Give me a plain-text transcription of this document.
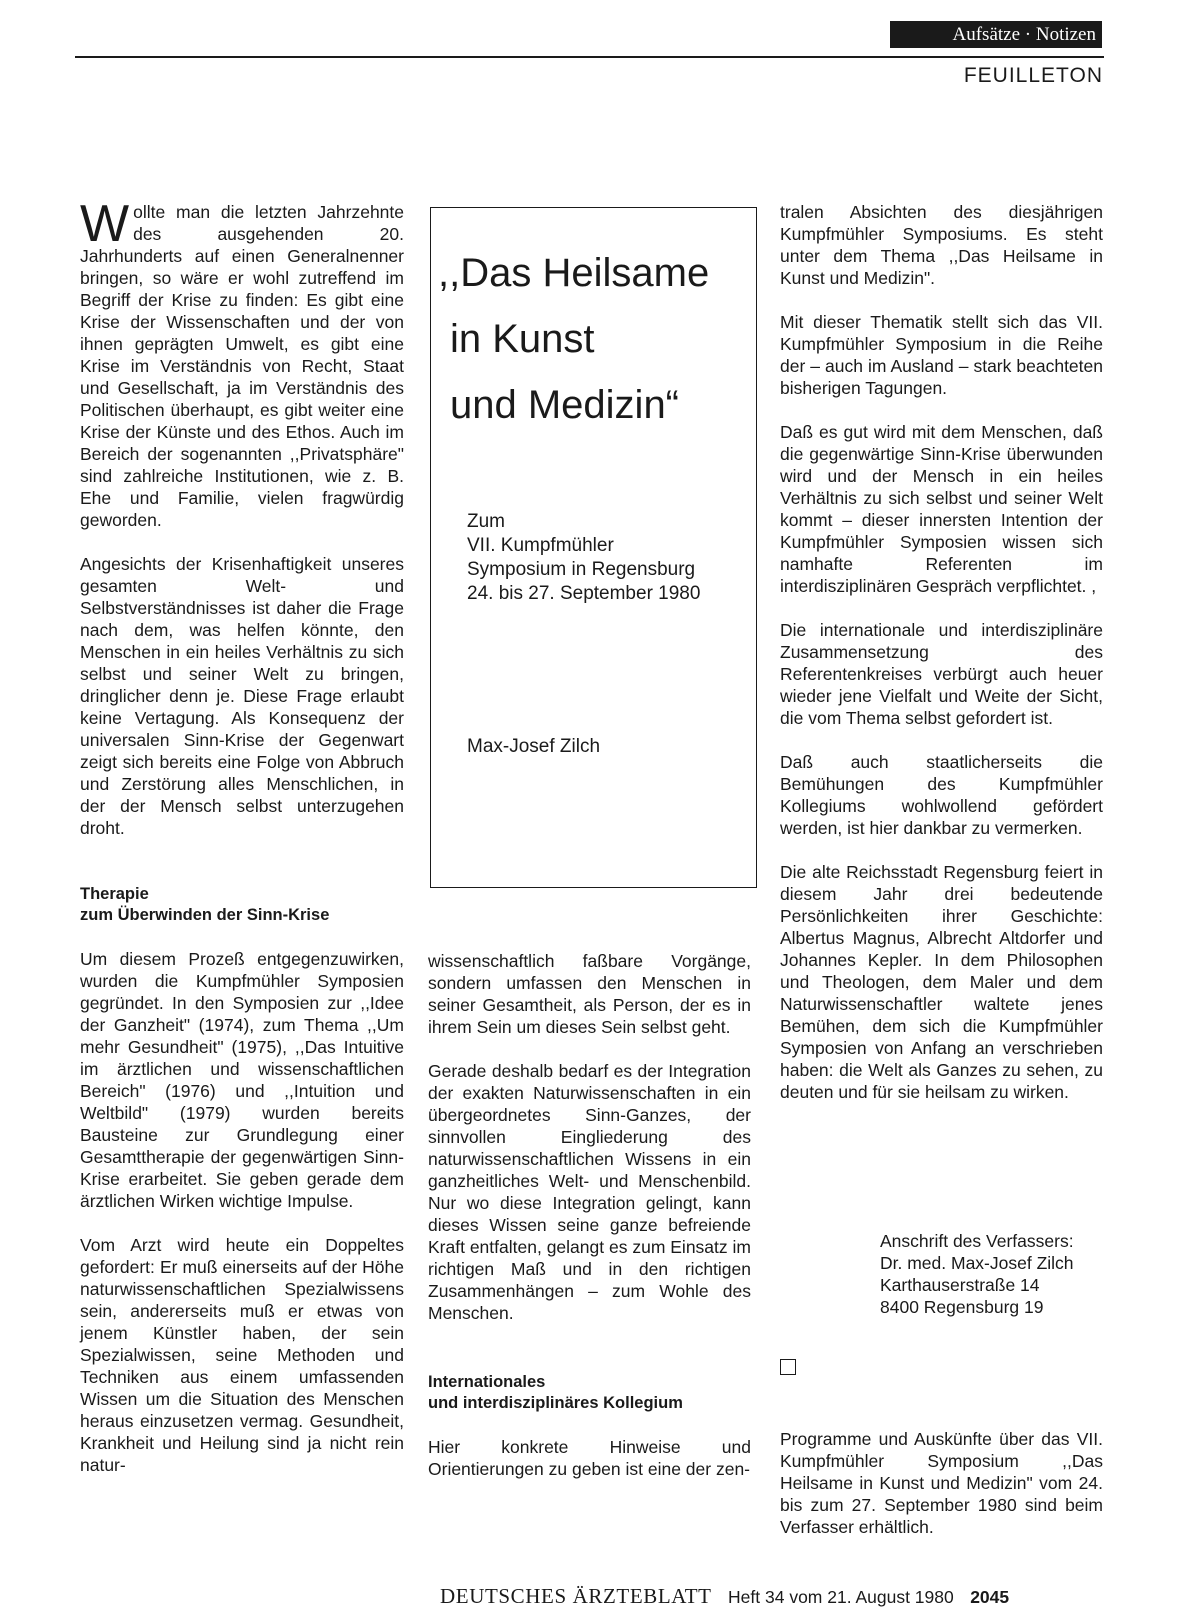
Aufsätze · Notizen
FEUILLETON

Wollte man die letzten Jahrzehnte des ausgehenden 20. Jahrhunderts auf einen Generalnenner bringen, so wäre er wohl zutreffend im Begriff der Krise zu finden: Es gibt eine Krise der Wissenschaften und der von ihnen geprägten Umwelt, es gibt eine Krise im Verständnis von Recht, Staat und Gesellschaft, ja im Verständnis des Politischen überhaupt, es gibt weiter eine Krise der Künste und des Ethos. Auch im Bereich der sogenannten ,,Privatsphäre" sind zahlreiche Institutionen, wie z. B. Ehe und Familie, vielen fragwürdig geworden.

Angesichts der Krisenhaftigkeit unseres gesamten Welt- und Selbstverständnisses ist daher die Frage nach dem, was helfen könnte, den Menschen in ein heiles Verhältnis zu sich selbst und seiner Welt zu bringen, dringlicher denn je. Diese Frage erlaubt keine Vertagung. Als Konsequenz der universalen Sinn-Krise der Gegenwart zeigt sich bereits eine Folge von Abbruch und Zerstörung alles Menschlichen, in der der Mensch selbst unterzugehen droht.

Therapie
zum Überwinden der Sinn-Krise

Um diesem Prozeß entgegenzuwirken, wurden die Kumpfmühler Symposien gegründet. In den Symposien zur ,,Idee der Ganzheit" (1974), zum Thema ,,Um mehr Gesundheit" (1975), ,,Das Intuitive im ärztlichen und wissenschaftlichen Bereich" (1976) und ,,Intuition und Weltbild" (1979) wurden bereits Bausteine zur Grundlegung einer Gesamttherapie der gegenwärtigen Sinn-Krise erarbeitet. Sie geben gerade dem ärztlichen Wirken wichtige Impulse.

Vom Arzt wird heute ein Doppeltes gefordert: Er muß einerseits auf der Höhe naturwissenschaftlichen Spezialwissens sein, andererseits muß er etwas von jenem Künstler haben, der sein Spezialwissen, seine Methoden und Techniken aus einem umfassenden Wissen um die Situation des Menschen heraus einzusetzen vermag. Gesundheit, Krankheit und Heilung sind ja nicht rein natur-

,,Das Heilsame
in Kunst
und Medizin“
Zum
VII. Kumpfmühler
Symposium in Regensburg
24. bis 27. September 1980
Max-Josef Zilch

wissenschaftlich faßbare Vorgänge, sondern umfassen den Menschen in seiner Gesamtheit, als Person, der es in ihrem Sein um dieses Sein selbst geht.

Gerade deshalb bedarf es der Integration der exakten Naturwissenschaften in ein übergeordnetes Sinn-Ganzes, der sinnvollen Eingliederung des naturwissenschaftlichen Wissens in ein ganzheitliches Welt- und Menschenbild. Nur wo diese Integration gelingt, kann dieses Wissen seine ganze befreiende Kraft entfalten, gelangt es zum Einsatz im richtigen Maß und in den richtigen Zusammenhängen – zum Wohle des Menschen.

Internationales
und interdisziplinäres Kollegium

Hier konkrete Hinweise und Orientierungen zu geben ist eine der zen-

tralen Absichten des diesjährigen Kumpfmühler Symposiums. Es steht unter dem Thema ,,Das Heilsame in Kunst und Medizin".

Mit dieser Thematik stellt sich das VII. Kumpfmühler Symposium in die Reihe der – auch im Ausland – stark beachteten bisherigen Tagungen.

Daß es gut wird mit dem Menschen, daß die gegenwärtige Sinn-Krise überwunden wird und der Mensch in ein heiles Verhältnis zu sich selbst und seiner Welt kommt – dieser innersten Intention der Kumpfmühler Symposien wissen sich namhafte Referenten im interdisziplinären Gespräch verpflichtet. ,

Die internationale und interdisziplinäre Zusammensetzung des Referentenkreises verbürgt auch heuer wieder jene Vielfalt und Weite der Sicht, die vom Thema selbst gefordert ist.

Daß auch staatlicherseits die Bemühungen des Kumpfmühler Kollegiums wohlwollend gefördert werden, ist hier dankbar zu vermerken.

Die alte Reichsstadt Regensburg feiert in diesem Jahr drei bedeutende Persönlichkeiten ihrer Geschichte: Albertus Magnus, Albrecht Altdorfer und Johannes Kepler. In dem Philosophen und Theologen, dem Maler und dem Naturwissenschaftler waltete jenes Bemühen, dem sich die Kumpfmühler Symposien von Anfang an verschrieben haben: die Welt als Ganzes zu sehen, zu deuten und für sie heilsam zu wirken.

Anschrift des Verfassers:
Dr. med. Max-Josef Zilch
Karthauserstraße 14
8400 Regensburg 19

Programme und Auskünfte über das VII. Kumpfmühler Symposium ,,Das Heilsame in Kunst und Medizin" vom 24. bis zum 27. September 1980 sind beim Verfasser erhältlich.

DEUTSCHES ÄRZTEBLATT Heft 34 vom 21. August 1980 2045
